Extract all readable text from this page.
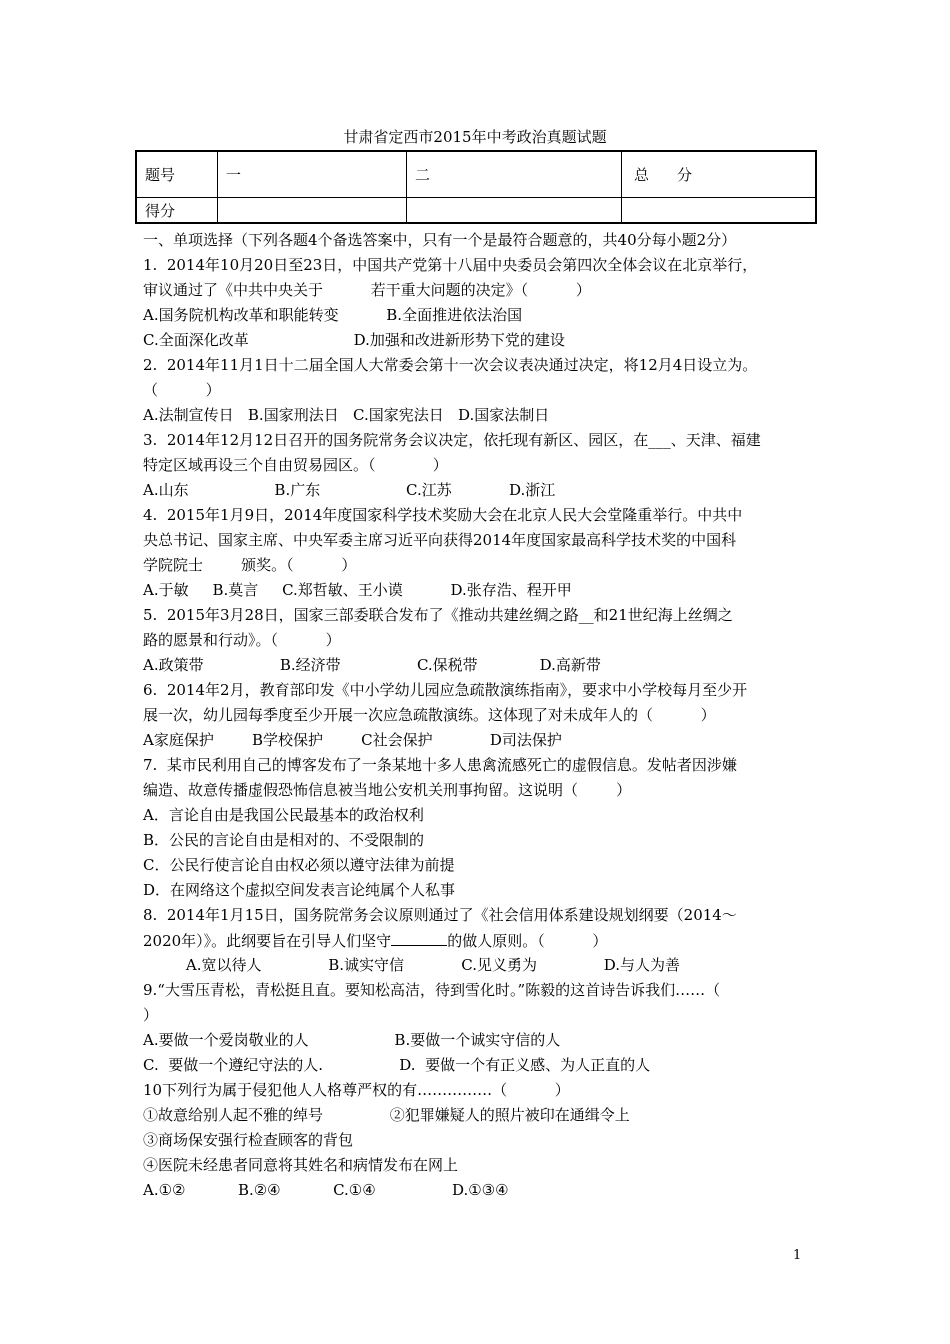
甘肃省定西市2015年中考政治真题试题
题号	一	二	总 分
得分			
一、单项选择（下列各题4个备选答案中，只有一个是最符合题意的，共40分每小题2分）
1.  2014年10月20日至23日，中国共产党第十八届中央委员会第四次全体会议在北京举行，
审议通过了《中共中央关于          若干重大问题的决定》（          ）
A.国务院机构改革和职能转变          B.全面推进依法治国
C.全面深化改革                      D.加强和改进新形势下党的建设
2.  2014年11月1日十二届全国人大常委会第十一次会议表决通过决定，将12月4日设立为。
（          ）
A.法制宣传日   B.国家刑法日   C.国家宪法日   D.国家法制日
3.  2014年12月12日召开的国务院常务会议决定，依托现有新区、园区，在___、天津、福建
特定区域再设三个自由贸易园区。（            ）
A.山东                  B.广东                  C.江苏            D.浙江
4.  2015年1月9日，2014年度国家科学技术奖励大会在北京人民大会堂隆重举行。中共中
央总书记、国家主席、中央军委主席习近平向获得2014年度国家最高科学技术奖的中国科
学院院士        颁奖。（          ）
A.于敏     B.莫言     C.郑哲敏、王小谟          D.张存浩、程开甲
5.  2015年3月28日，国家三部委联合发布了《推动共建丝绸之路__和21世纪海上丝绸之
路的愿景和行动》。（          ）
A.政策带                B.经济带                C.保税带             D.高新带
6.  2014年2月，教育部印发《中小学幼儿园应急疏散演练指南》，要求中小学校每月至少开
展一次，幼儿园每季度至少开展一次应急疏散演练。这体现了对未成年人的（          ）
A家庭保护        B学校保护        C社会保护            D司法保护
7.  某市民利用自己的博客发布了一条某地十多人患禽流感死亡的虚假信息。发帖者因涉嫌
编造、故意传播虚假恐怖信息被当地公安机关刑事拘留。这说明（        ）
A．言论自由是我国公民最基本的政治权利
B．公民的言论自由是相对的、不受限制的
C．公民行使言论自由权必须以遵守法律为前提
D．在网络这个虚拟空间发表言论纯属个人私事
8.  2014年1月15日，国务院常务会议原则通过了《社会信用体系建设规划纲要（2014～
2020年）》。此纲要旨在引导人们坚守	的做人原则。（          ）
A.宽以待人              B.诚实守信            C.见义勇为              D.与人为善
9.“大雪压青松，青松挺且直。要知松高洁，待到雪化时。”陈毅的这首诗告诉我们……（
）
A.要做一个爱岗敬业的人                  B.要做一个诚实守信的人
C.  要做一个遵纪守法的人.                D.  要做一个有正义感、为人正直的人
10下列行为属于侵犯他人人格尊严权的有……………（          ）
①故意给别人起不雅的绰号              ②犯罪嫌疑人的照片被印在通缉令上
③商场保安强行检查顾客的背包
④医院未经患者同意将其姓名和病情发布在网上
A.①②           B.②④           C.①④                D.①③④
1
